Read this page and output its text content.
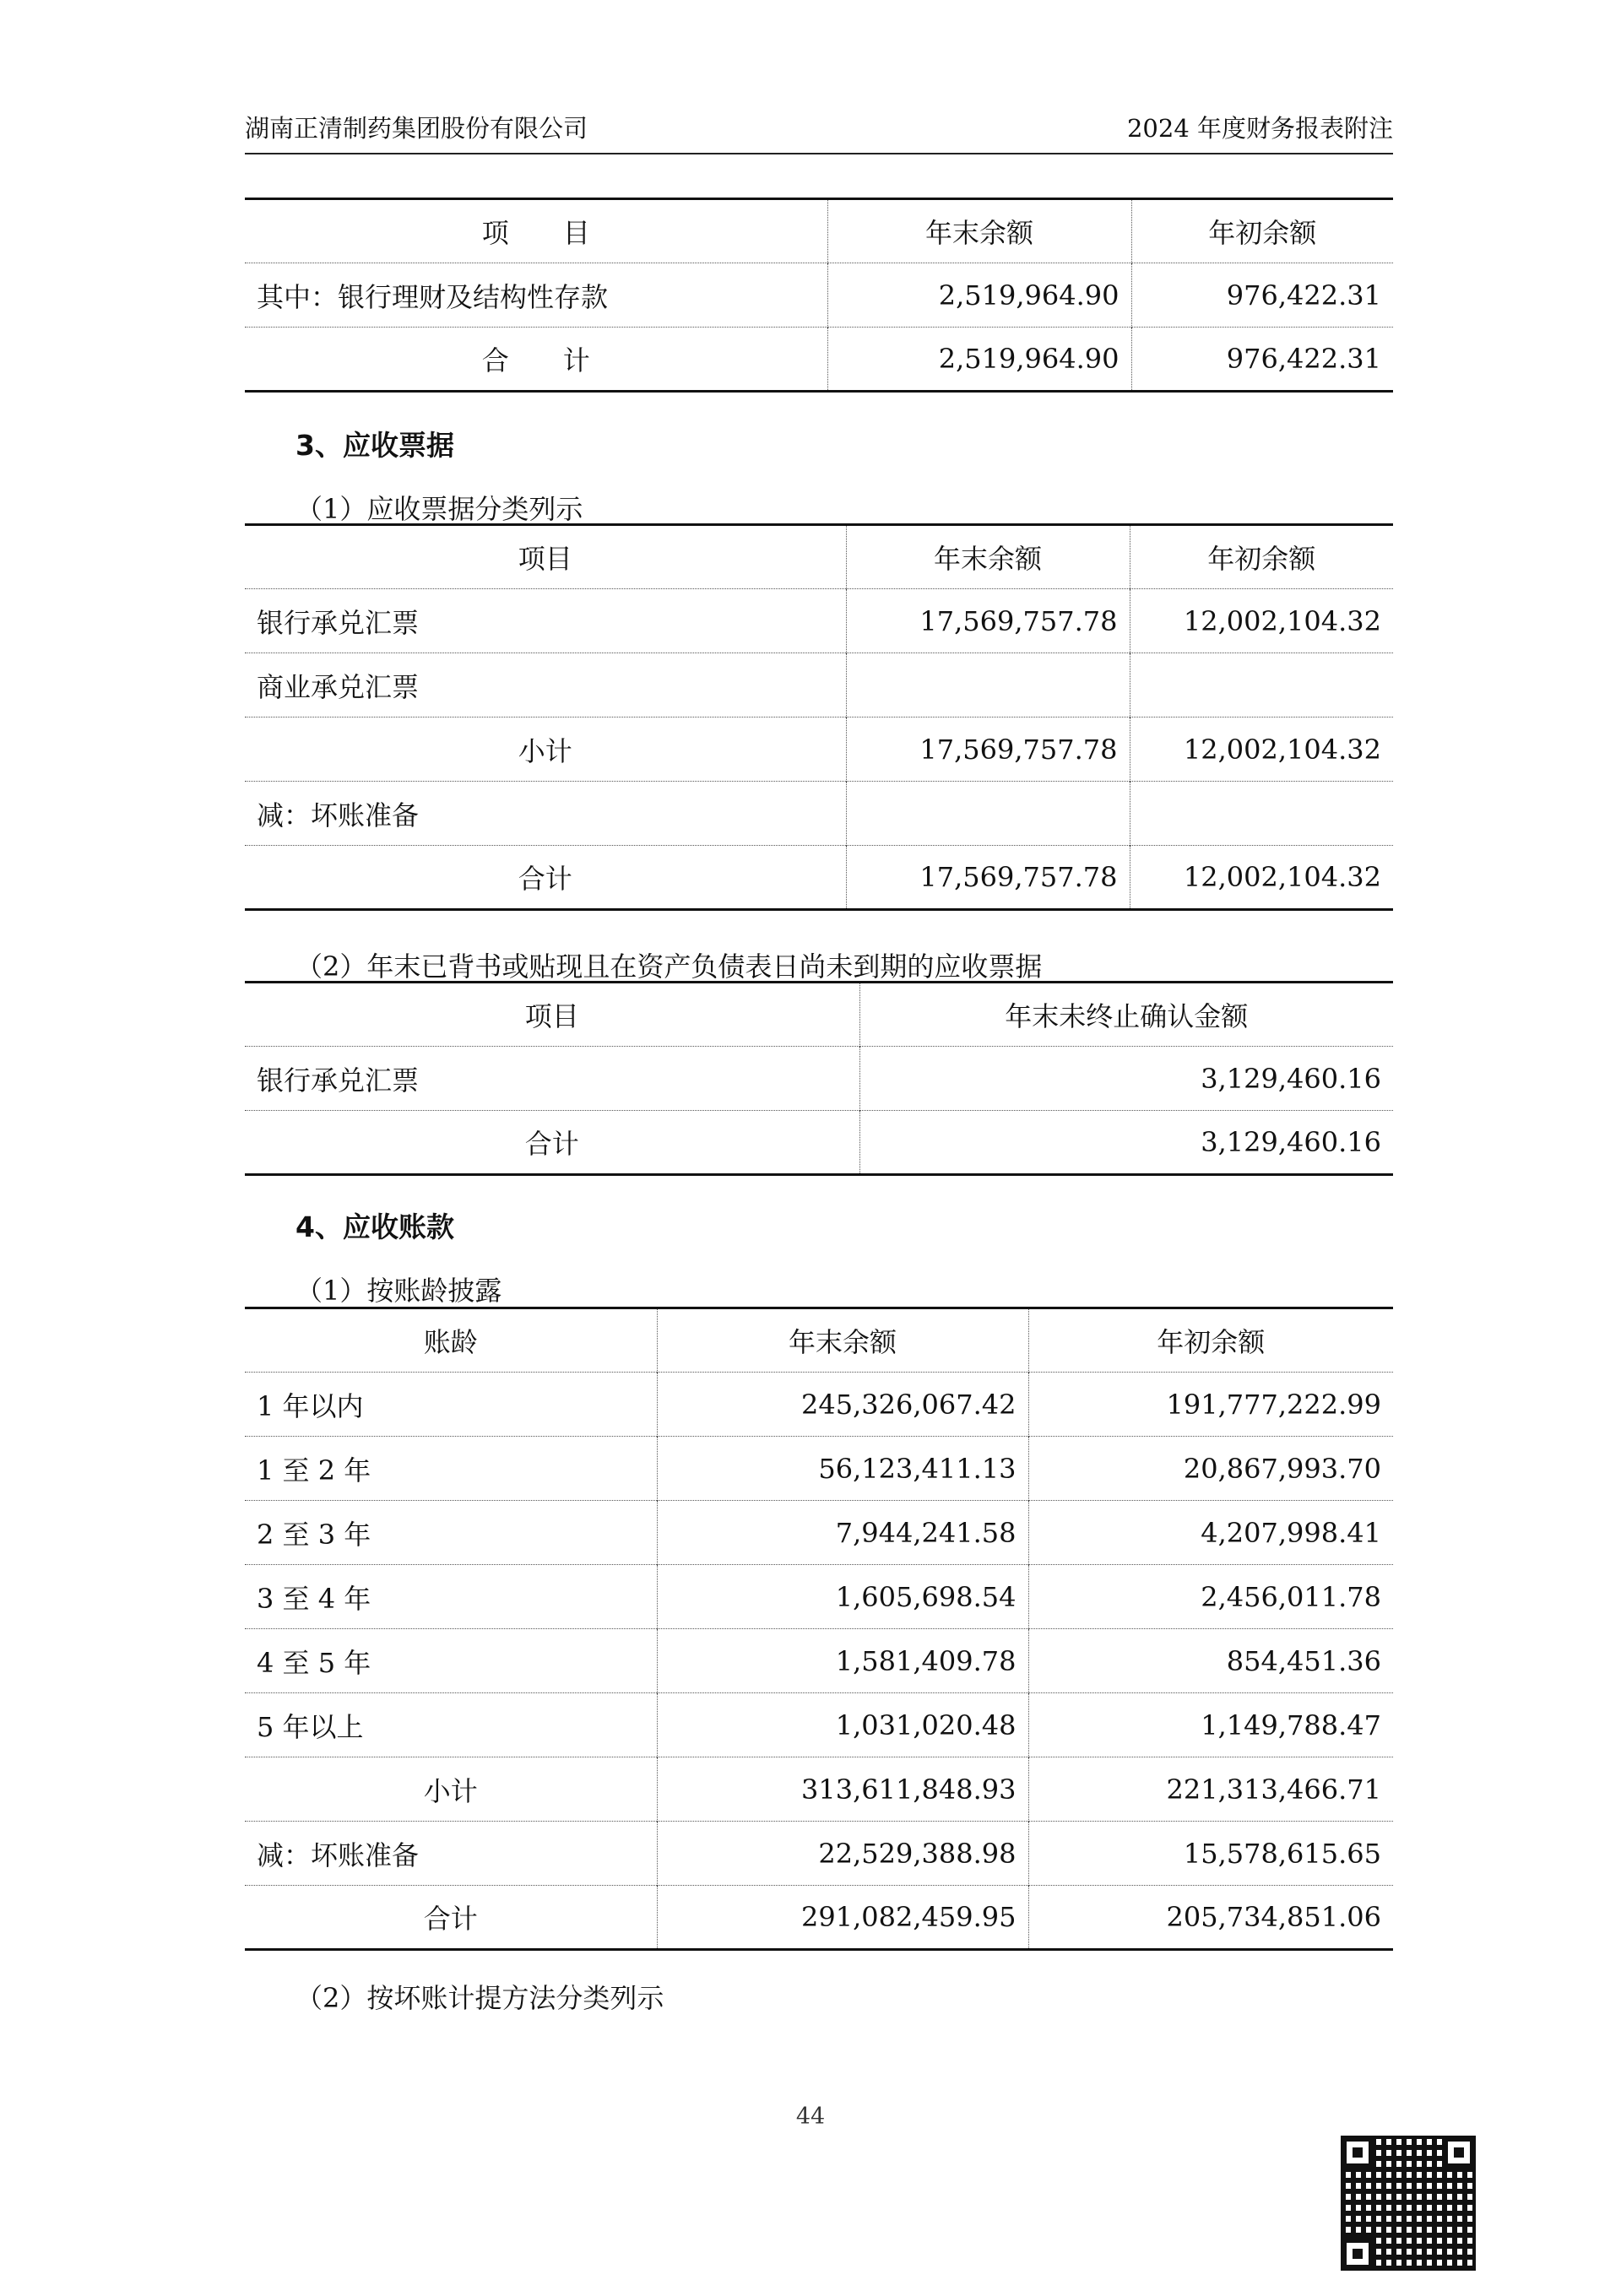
湖南正清制药集团股份有限公司	2024 年度财务报表附注
项　　目	年末余额	年初余额
其中：银行理财及结构性存款	2,519,964.90	976,422.31
合　　计	2,519,964.90	976,422.31
3、应收票据
（1）应收票据分类列示
项目	年末余额	年初余额
银行承兑汇票	17,569,757.78	12,002,104.32
商业承兑汇票		
小计	17,569,757.78	12,002,104.32
减：坏账准备		
合计	17,569,757.78	12,002,104.32
（2）年末已背书或贴现且在资产负债表日尚未到期的应收票据
项目	年末未终止确认金额
银行承兑汇票	3,129,460.16
合计	3,129,460.16
4、应收账款
（1）按账龄披露
账龄	年末余额	年初余额
1 年以内	245,326,067.42	191,777,222.99
1 至 2 年	56,123,411.13	20,867,993.70
2 至 3 年	7,944,241.58	4,207,998.41
3 至 4 年	1,605,698.54	2,456,011.78
4 至 5 年	1,581,409.78	854,451.36
5 年以上	1,031,020.48	1,149,788.47
小计	313,611,848.93	221,313,466.71
减：坏账准备	22,529,388.98	15,578,615.65
合计	291,082,459.95	205,734,851.06
（2）按坏账计提方法分类列示
44
